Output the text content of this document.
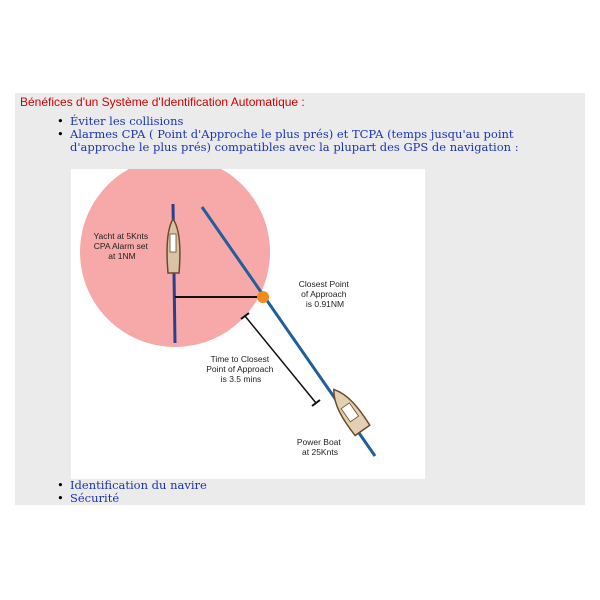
Bénéfices d'un Système d'Identification Automatique :
• Éviter les collisions
• Alarmes CPA ( Point d'Approche le plus prés) et TCPA (temps jusqu'au point d'approche le plus prés) compatibles avec la plupart des GPS de navigation :
Yacht at 5Knts CPA Alarm set at 1NM
Closest Point of Approach is 0.91NM
Time to Closest Point of Approach is 3.5 mins
Power Boat at 25Knts
• Identification du navire
• Sécurité
